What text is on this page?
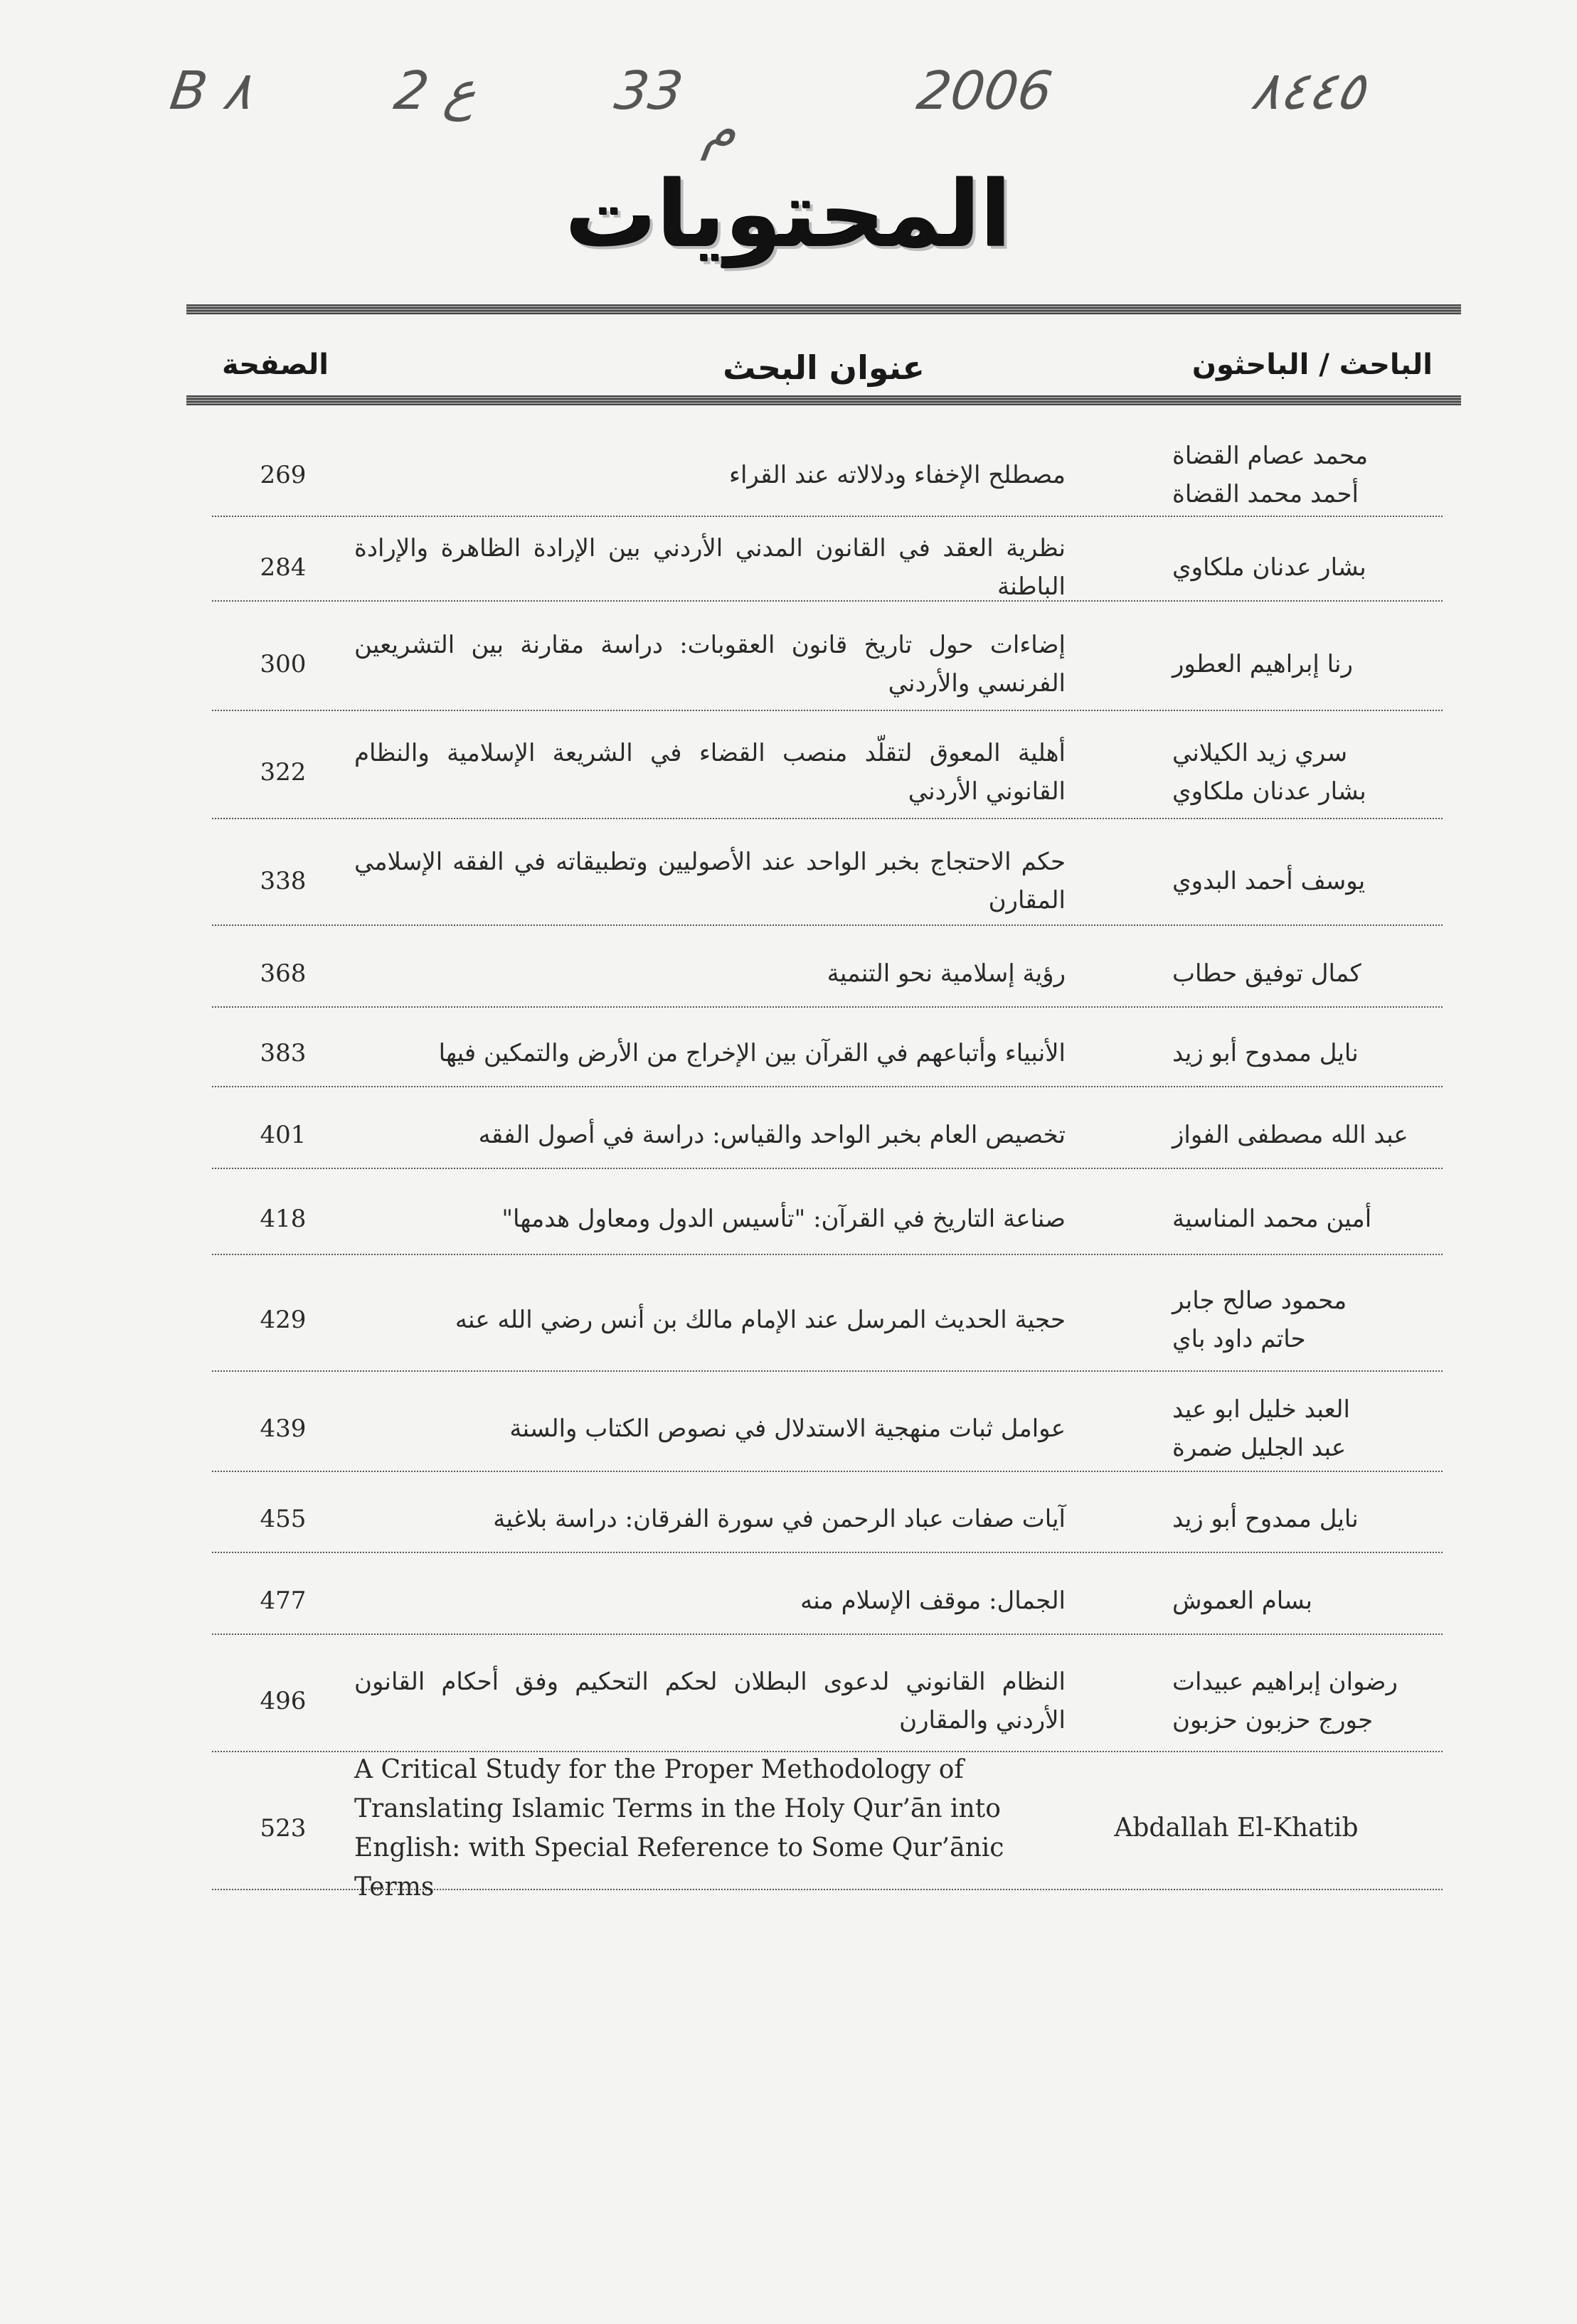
B ٨	2 ع 33
م
2006	٨٤٤٥
المحتويات
الباحث / الباحثون
عنوان البحث
الصفحة
محمد عصام القضاة
أحمد محمد القضاة
مصطلح الإخفاء ودلالاته عند القراء
269
بشار عدنان ملكاوي
نظرية العقد في القانون المدني الأردني بين الإرادة الظاهرة والإرادة الباطنة
284
رنا إبراهيم العطور
إضاءات حول تاريخ قانون العقوبات: دراسة مقارنة بين التشريعين الفرنسي والأردني
300
سري زيد الكيلاني
بشار عدنان ملكاوي
أهلية المعوق لتقلّد منصب القضاء في الشريعة الإسلامية والنظام القانوني الأردني
322
يوسف أحمد البدوي
حكم الاحتجاج بخبر الواحد عند الأصوليين وتطبيقاته في الفقه الإسلامي المقارن
338
كمال توفيق حطاب
رؤية إسلامية نحو التنمية
368
نايل ممدوح أبو زيد
الأنبياء وأتباعهم في القرآن بين الإخراج من الأرض والتمكين فيها
383
عبد الله مصطفى الفواز
تخصيص العام بخبر الواحد والقياس: دراسة في أصول الفقه
401
أمين محمد المناسية
صناعة التاريخ في القرآن: "تأسيس الدول ومعاول هدمها"
418
محمود صالح جابر
حاتم داود باي
حجية الحديث المرسل عند الإمام مالك بن أنس رضي الله عنه
429
العبد خليل ابو عيد
عبد الجليل ضمرة
عوامل ثبات منهجية الاستدلال في نصوص الكتاب والسنة
439
نايل ممدوح أبو زيد
آيات صفات عباد الرحمن في سورة الفرقان: دراسة بلاغية
455
بسام العموش
الجمال: موقف الإسلام منه
477
رضوان إبراهيم عبيدات
جورج حزبون حزبون
النظام القانوني لدعوى البطلان لحكم التحكيم وفق أحكام القانون الأردني والمقارن
496
Abdallah El-Khatib
A Critical Study for the Proper Methodology of Translating Islamic Terms in the Holy Qur’ān into English: with Special Reference to Some Qur’ānic Terms
523
